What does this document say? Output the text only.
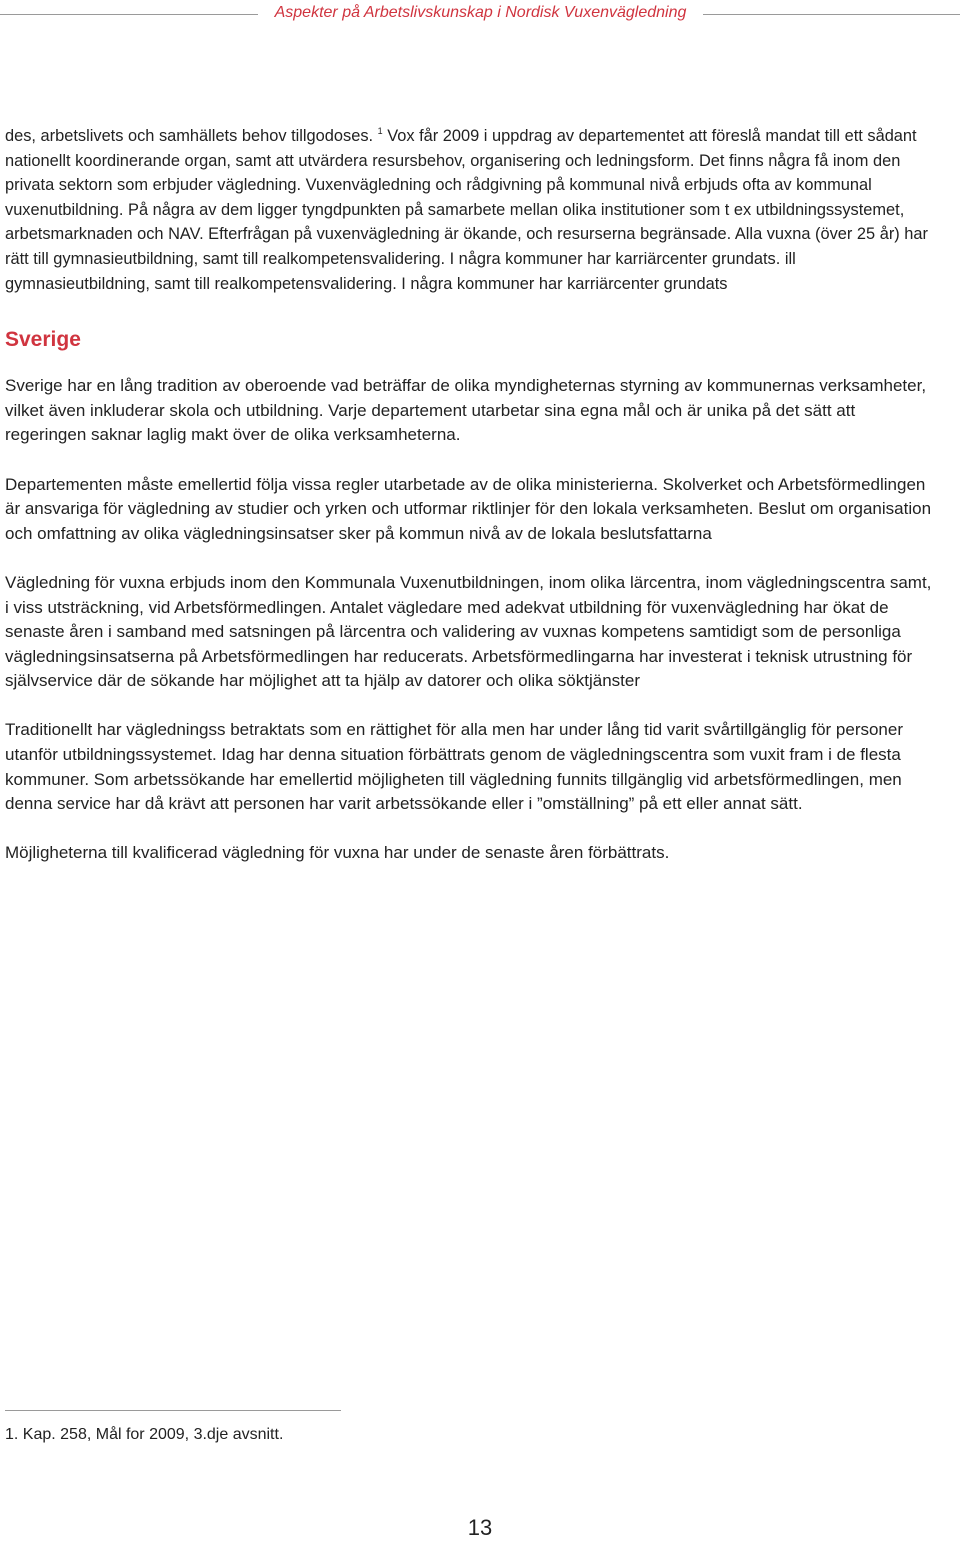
Aspekter på Arbetslivskunskap i Nordisk Vuxenvägledning

des, arbetslivets och samhällets behov tillgodoses. $^1$ Vox får 2009 i uppdrag av departementet att föreslå mandat till ett sådant nationellt koordinerande organ, samt att utvärdera resursbehov, organisering och ledningsform. Det finns några få inom den privata sektorn som erbjuder vägledning. Vuxenvägledning och rådgivning på kommunal nivå erbjuds ofta av kommunal vuxenutbildning. På några av dem ligger tyngdpunkten på samarbete mellan olika institutioner som t ex utbildningssystemet, arbetsmarknaden och NAV. Efterfrågan på vuxenvägledning är ökande, och resurserna begränsade. Alla vuxna (över 25 år) har rätt till gymnasieutbildning, samt till realkompetensvalidering. I några kommuner har karriärcenter grundats. ill gymnasieutbildning, samt till realkompetensvalidering. I några kommuner har karriärcenter grundats

Sverige

Sverige har en lång tradition av oberoende vad beträffar de olika myndigheternas styrning av kommunernas verksamheter, vilket även inkluderar skola och utbildning. Varje departement utarbetar sina egna mål och är unika på det sätt att regeringen saknar laglig makt över de olika verksamheterna.

Departementen måste emellertid följa vissa regler utarbetade av de olika ministerierna. Skolverket och Arbetsförmedlingen är ansvariga för vägledning av studier och yrken och utformar riktlinjer för den lokala verksamheten. Beslut om organisation och omfattning av olika vägledningsinsatser sker på kommun nivå av de lokala beslutsfattarna

Vägledning för vuxna erbjuds inom den Kommunala Vuxenutbildningen, inom olika lärcentra, inom vägledningscentra samt, i viss utsträckning, vid Arbetsförmedlingen. Antalet vägledare med adekvat utbildning för vuxenvägledning har ökat de senaste åren i samband med satsningen på lärcentra och validering av vuxnas kompetens samtidigt som de personliga vägledningsinsatserna på Arbetsförmedlingen har reducerats. Arbetsförmedlingarna har investerat i teknisk utrustning för självservice där de sökande har möjlighet att ta hjälp av datorer och olika söktjänster

Traditionellt har vägledningss betraktats som en rättighet för alla men har under lång tid varit svårtillgänglig för personer utanför utbildningssystemet. Idag har denna situation förbättrats genom de vägledningscentra som vuxit fram i de flesta kommuner. Som arbetssökande har emellertid möjligheten till vägledning funnits tillgänglig vid arbetsförmedlingen, men denna service har då krävt att personen har varit arbetssökande eller i ”omställning” på ett eller annat sätt.

Möjligheterna till kvalificerad vägledning för vuxna har under de senaste åren förbättrats.

1. Kap. 258, Mål for 2009, 3.dje avsnitt.
13
